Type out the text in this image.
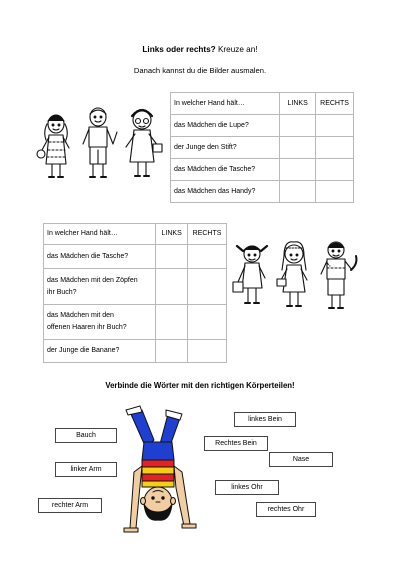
Links oder rechts? Kreuze an!
Danach kannst du die Bilder ausmalen.
In welcher Hand hält…	LINKS	RECHTS
das Mädchen die Lupe?		
der Junge den Stift?		
das Mädchen die Tasche?		
das Mädchen das Handy?		
In welcher Hand hält…	LINKS	RECHTS
das Mädchen die Tasche?		
das Mädchen mit den Zöpfen
ihr Buch?		
das Mädchen mit den
offenen Haaren ihr Buch?		
der Junge die Banane?		
Verbinde die Wörter mit den richtigen Körperteilen!
Bauch
linker Arm
rechter Arm
linkes Bein
Rechtes Bein
Nase
linkes Ohr
rechtes Ohr
